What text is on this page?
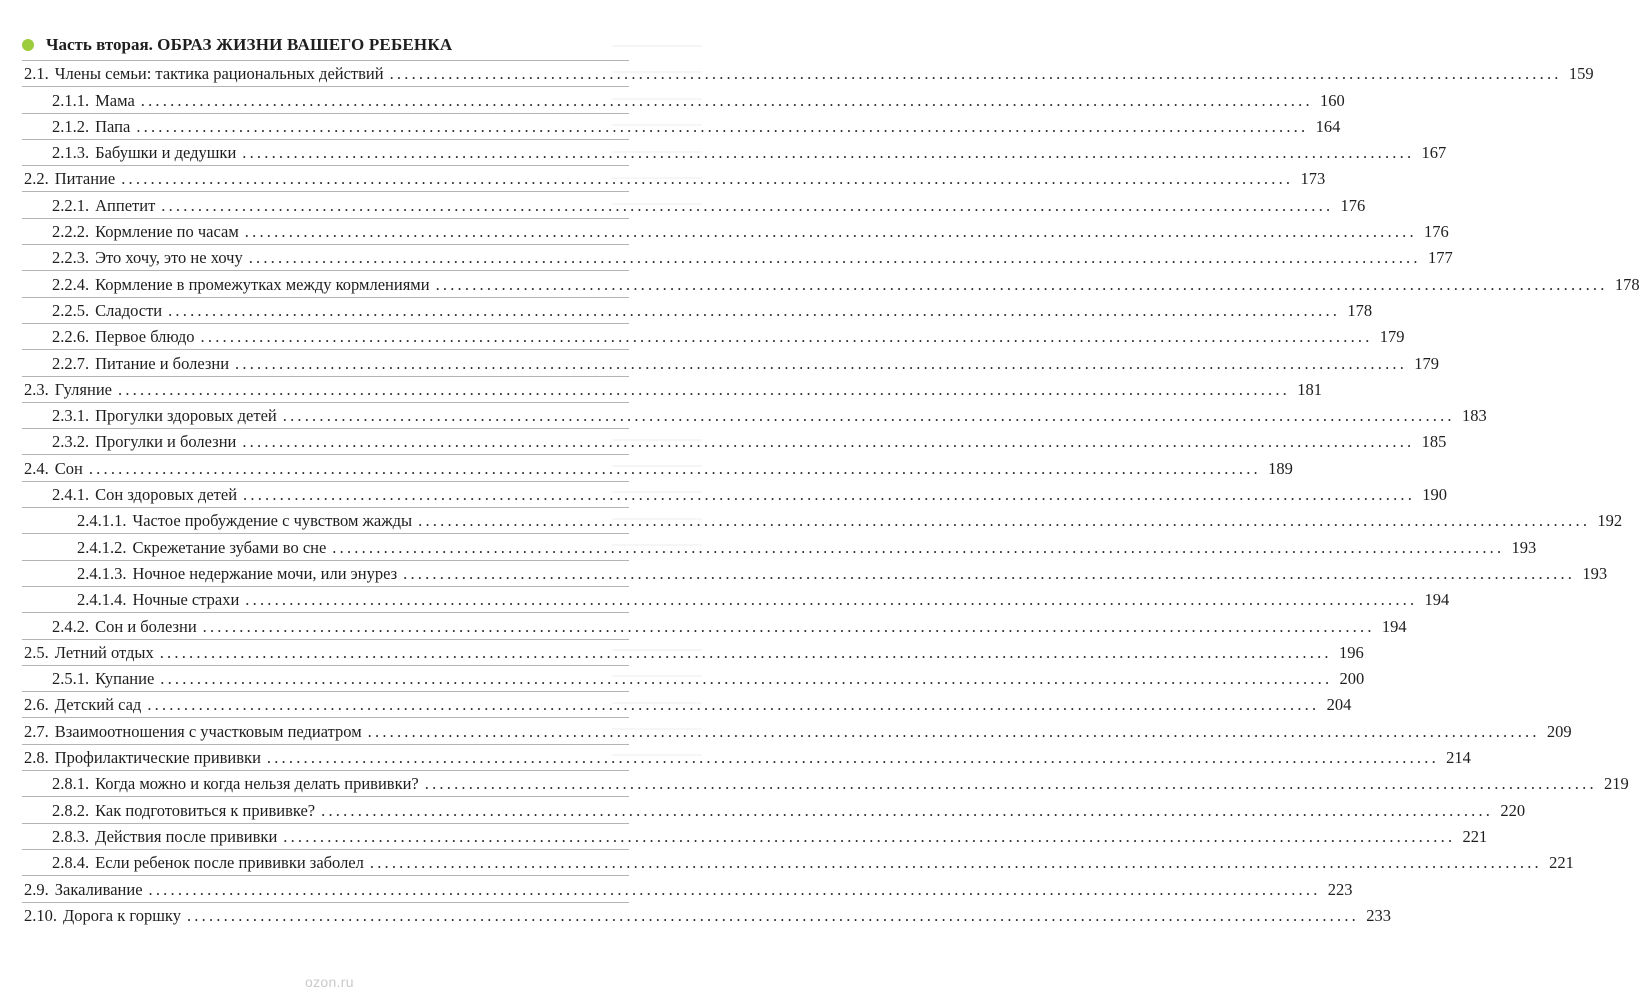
Часть вторая. ОБРАЗ ЖИЗНИ ВАШЕГО РЕБЕНКА
2.1. Члены семьи: тактика рациональных действий ................................................................................................................................................................ 159
2.1.1. Мама ................................................................................................................................................................ 160
2.1.2. Папа ................................................................................................................................................................ 164
2.1.3. Бабушки и дедушки ................................................................................................................................................................ 167
2.2. Питание ................................................................................................................................................................ 173
2.2.1. Аппетит ................................................................................................................................................................ 176
2.2.2. Кормление по часам ................................................................................................................................................................ 176
2.2.3. Это хочу, это не хочу ................................................................................................................................................................ 177
2.2.4. Кормление в промежутках между кормлениями ................................................................................................................................................................ 178
2.2.5. Сладости ................................................................................................................................................................ 178
2.2.6. Первое блюдо ................................................................................................................................................................ 179
2.2.7. Питание и болезни ................................................................................................................................................................ 179
2.3. Гуляние ................................................................................................................................................................ 181
2.3.1. Прогулки здоровых детей ................................................................................................................................................................ 183
2.3.2. Прогулки и болезни ................................................................................................................................................................ 185
2.4. Сон ................................................................................................................................................................ 189
2.4.1. Сон здоровых детей ................................................................................................................................................................ 190
2.4.1.1. Частое пробуждение с чувством жажды ................................................................................................................................................................ 192
2.4.1.2. Скрежетание зубами во сне ................................................................................................................................................................ 193
2.4.1.3. Ночное недержание мочи, или энурез ................................................................................................................................................................ 193
2.4.1.4. Ночные страхи ................................................................................................................................................................ 194
2.4.2. Сон и болезни ................................................................................................................................................................ 194
2.5. Летний отдых ................................................................................................................................................................ 196
2.5.1. Купание ................................................................................................................................................................ 200
2.6. Детский сад ................................................................................................................................................................ 204
2.7. Взаимоотношения с участковым педиатром ................................................................................................................................................................ 209
2.8. Профилактические прививки ................................................................................................................................................................ 214
2.8.1. Когда можно и когда нельзя делать прививки? ................................................................................................................................................................ 219
2.8.2. Как подготовиться к прививке? ................................................................................................................................................................ 220
2.8.3. Действия после прививки ................................................................................................................................................................ 221
2.8.4. Если ребенок после прививки заболел ................................................................................................................................................................ 221
2.9. Закаливание ................................................................................................................................................................ 223
2.10. Дорога к горшку ................................................................................................................................................................ 233
ozon.ru
